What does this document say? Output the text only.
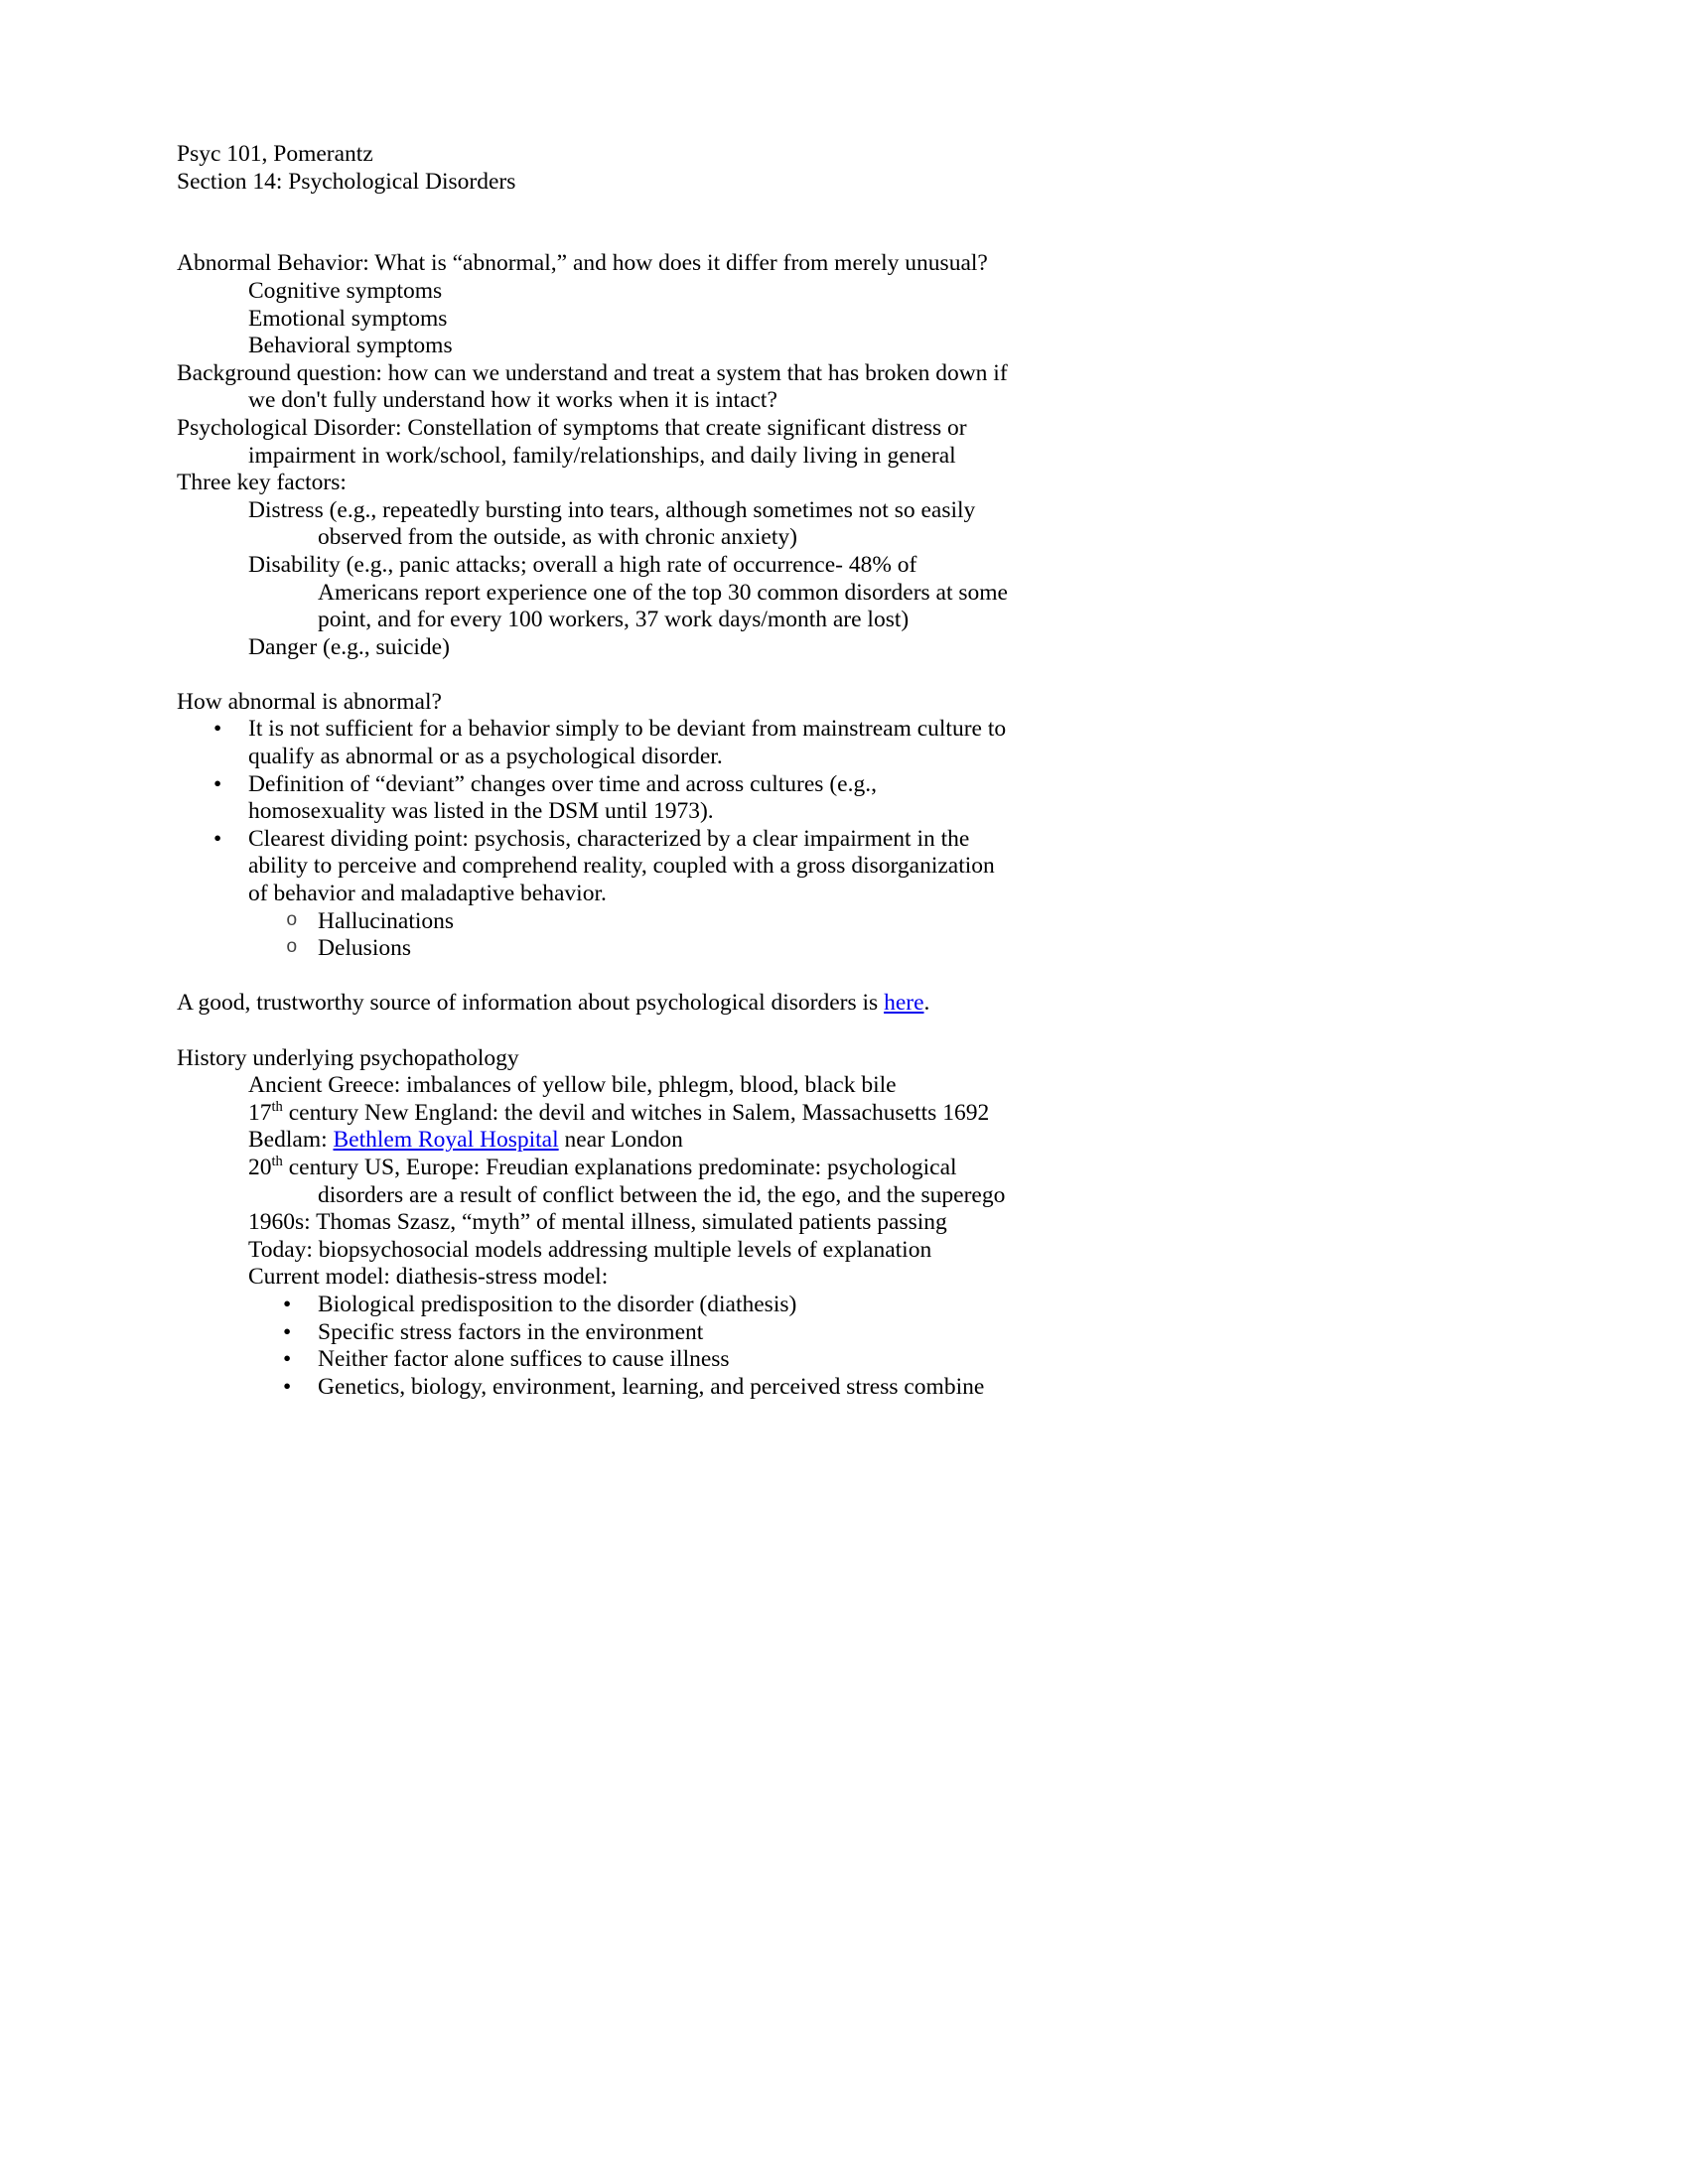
Psyc 101, Pomerantz
Section 14: Psychological Disorders
Abnormal Behavior: What is “abnormal,” and how does it differ from merely unusual?
Cognitive symptoms
Emotional symptoms
Behavioral symptoms
Background question: how can we understand and treat a system that has broken down if
we don't fully understand how it works when it is intact?
Psychological Disorder: Constellation of symptoms that create significant distress or
impairment in work/school, family/relationships, and daily living in general
Three key factors:
Distress (e.g., repeatedly bursting into tears, although sometimes not so easily
observed from the outside, as with chronic anxiety)
Disability (e.g., panic attacks; overall a high rate of occurrence- 48% of
Americans report experience one of the top 30 common disorders at some
point, and for every 100 workers, 37 work days/month are lost)
Danger (e.g., suicide)
How abnormal is abnormal?
• It is not sufficient for a behavior simply to be deviant from mainstream culture to
qualify as abnormal or as a psychological disorder.
• Definition of “deviant” changes over time and across cultures (e.g.,
homosexuality was listed in the DSM until 1973).
• Clearest dividing point: psychosis, characterized by a clear impairment in the
ability to perceive and comprehend reality, coupled with a gross disorganization
of behavior and maladaptive behavior.
o Hallucinations
o Delusions
A good, trustworthy source of information about psychological disorders is here.
History underlying psychopathology
Ancient Greece: imbalances of yellow bile, phlegm, blood, black bile
17th century New England: the devil and witches in Salem, Massachusetts 1692
Bedlam: Bethlem Royal Hospital near London
20th century US, Europe: Freudian explanations predominate: psychological
disorders are a result of conflict between the id, the ego, and the superego
1960s: Thomas Szasz, “myth” of mental illness, simulated patients passing
Today: biopsychosocial models addressing multiple levels of explanation
Current model: diathesis-stress model:
• Biological predisposition to the disorder (diathesis)
• Specific stress factors in the environment
• Neither factor alone suffices to cause illness
• Genetics, biology, environment, learning, and perceived stress combine
